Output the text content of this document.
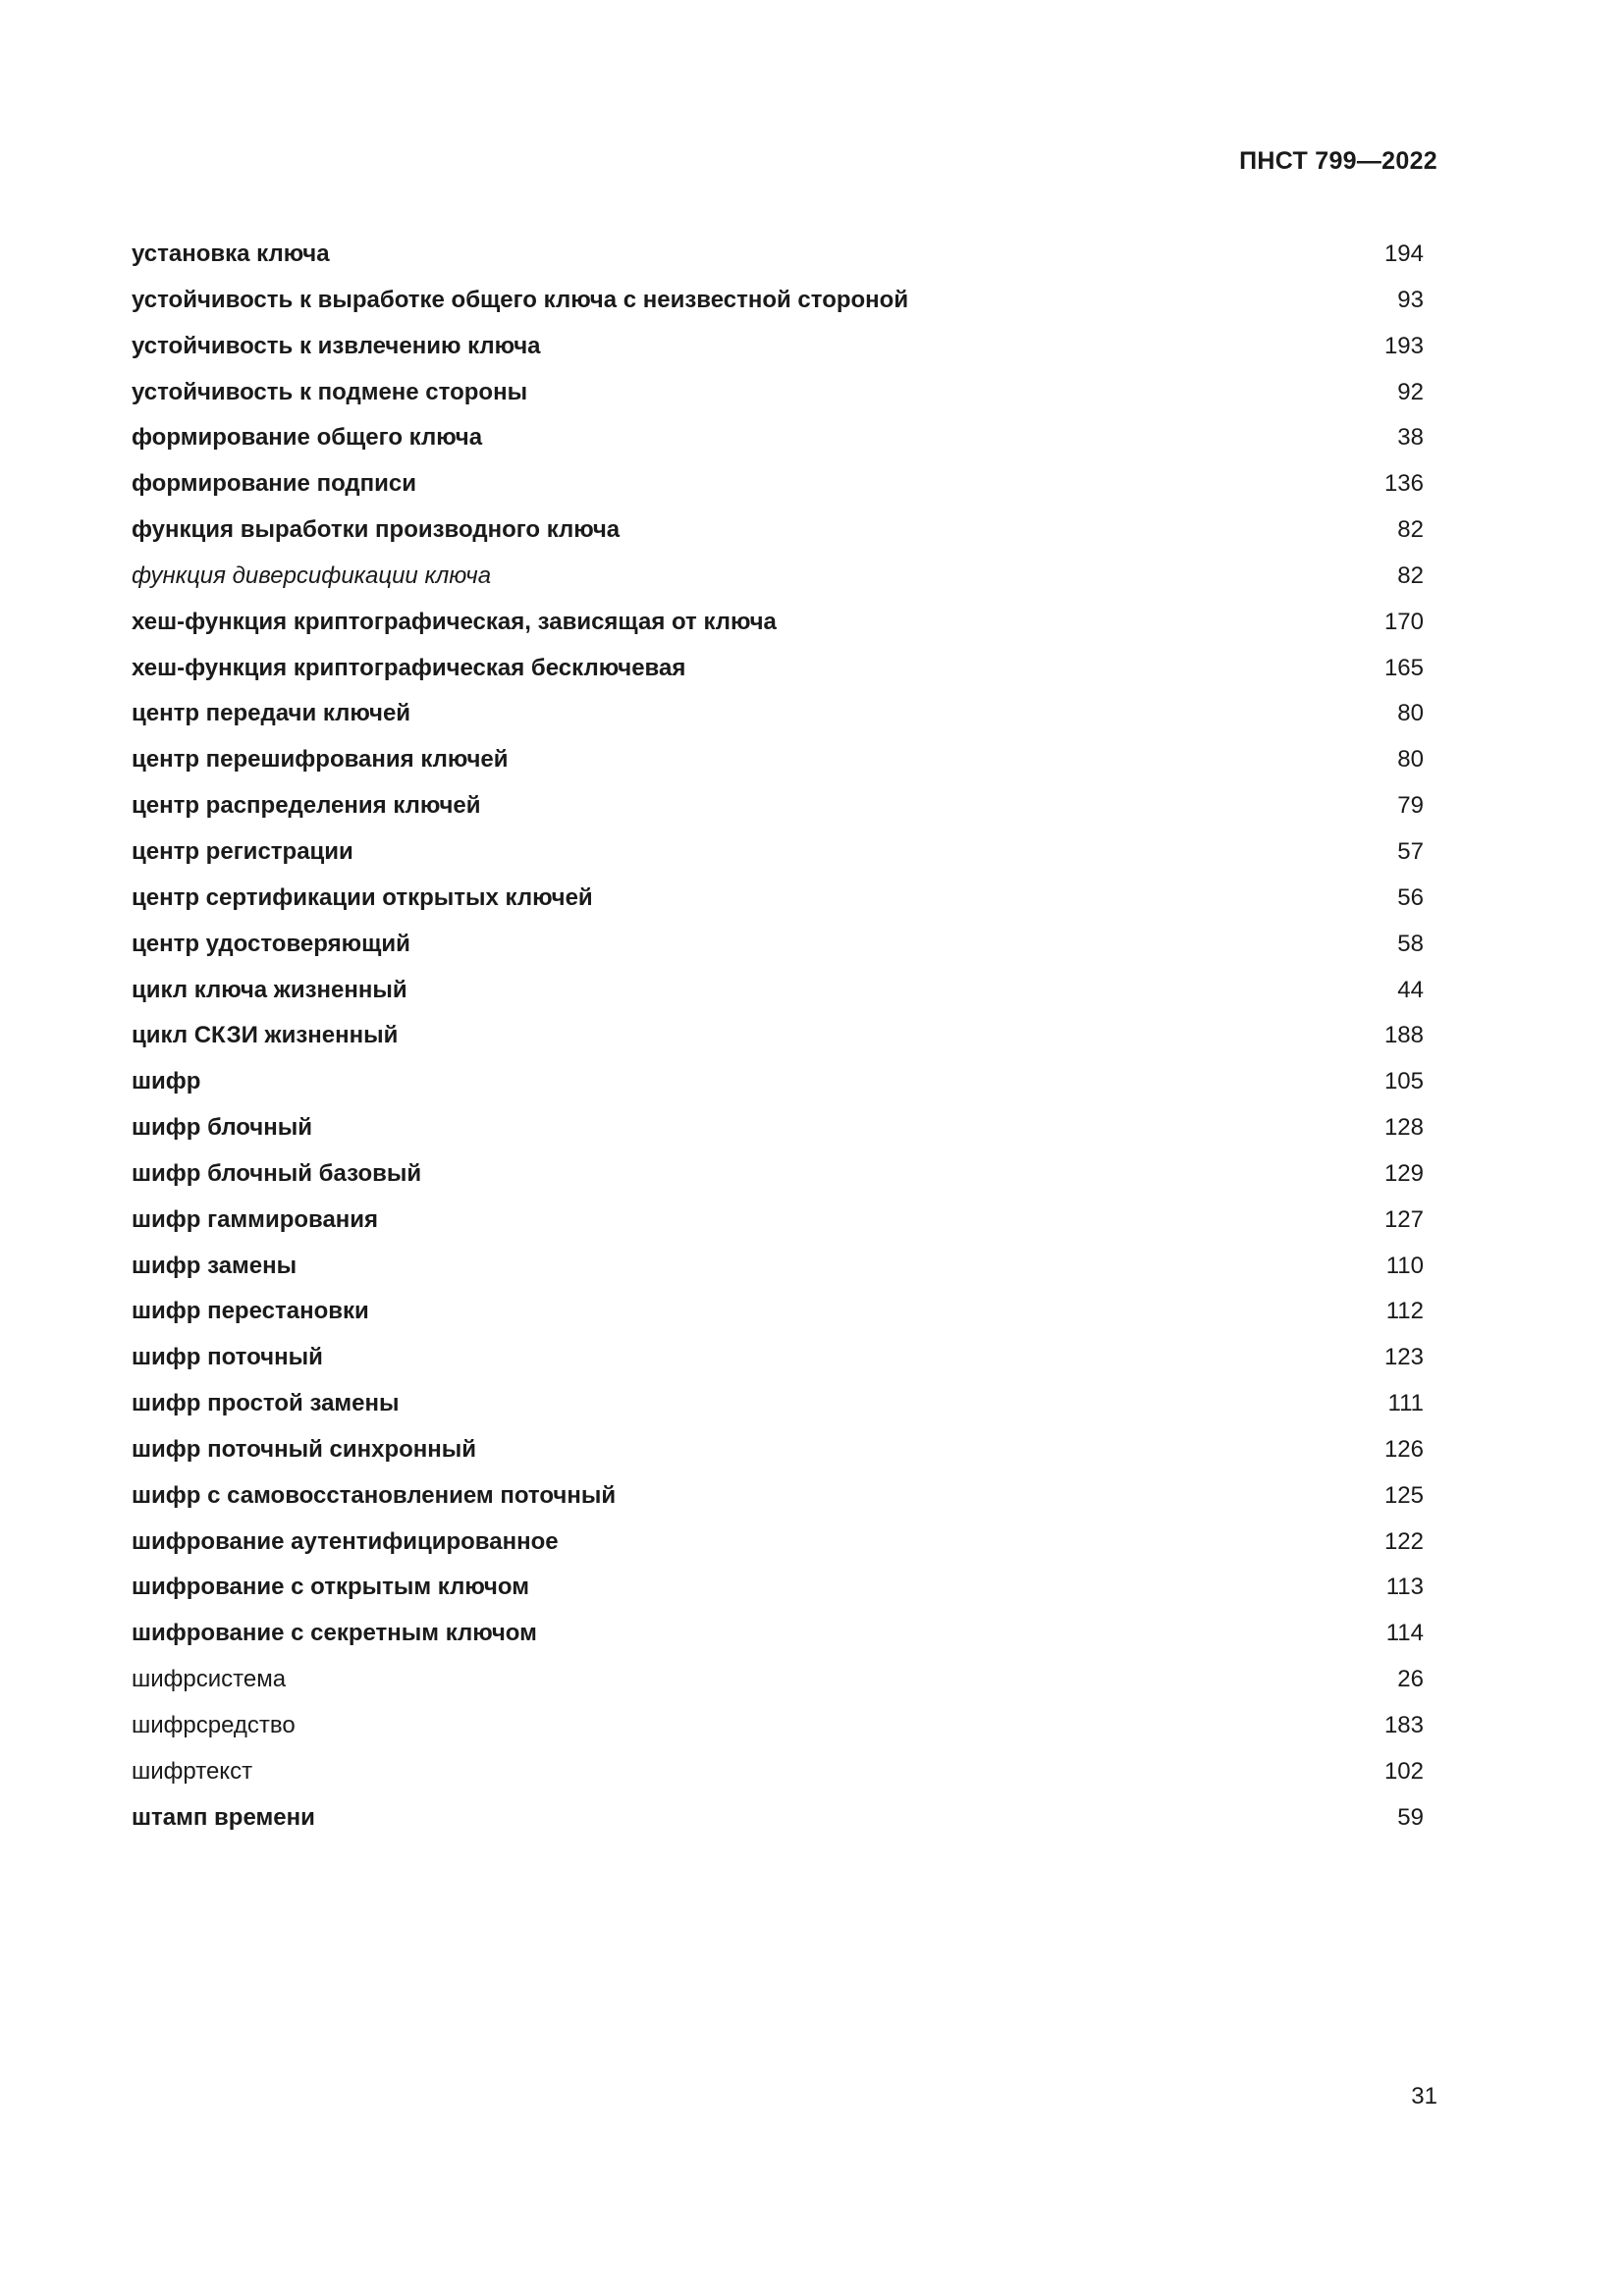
ПНСТ 799—2022
установка ключа	194
устойчивость к выработке общего ключа с неизвестной стороной	93
устойчивость к извлечению ключа	193
устойчивость к подмене стороны	92
формирование общего ключа	38
формирование подписи	136
функция выработки производного ключа	82
функция диверсификации ключа	82
хеш-функция криптографическая, зависящая от ключа	170
хеш-функция криптографическая бесключевая	165
центр передачи ключей	80
центр перешифрования ключей	80
центр распределения ключей	79
центр регистрации	57
центр сертификации открытых ключей	56
центр удостоверяющий	58
цикл ключа жизненный	44
цикл СКЗИ жизненный	188
шифр	105
шифр блочный	128
шифр блочный базовый	129
шифр гаммирования	127
шифр замены	110
шифр перестановки	112
шифр поточный	123
шифр простой замены	111
шифр поточный синхронный	126
шифр с самовосстановлением поточный	125
шифрование аутентифицированное	122
шифрование с открытым ключом	113
шифрование с секретным ключом	114
шифрсистема	26
шифрсредство	183
шифртекст	102
штамп времени	59
31
